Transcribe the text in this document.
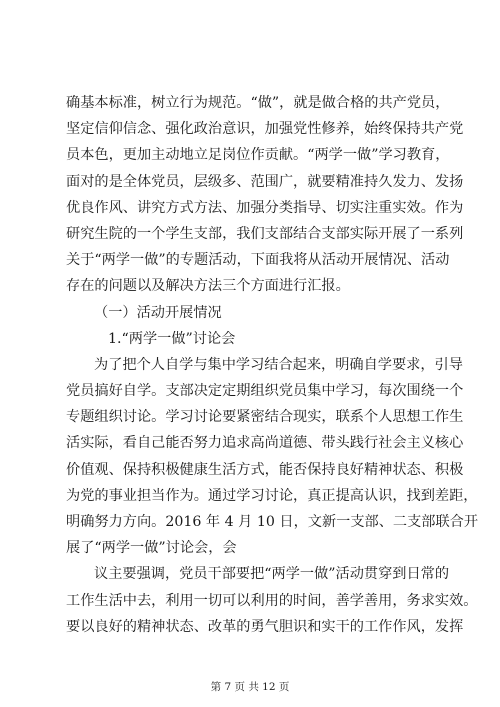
确基本标准，树立行为规范。“做”，就是做合格的共产党员，
坚定信仰信念、强化政治意识，加强党性修养，始终保持共产党
员本色，更加主动地立足岗位作贡献。“两学一做”学习教育，
面对的是全体党员，层级多、范围广，就要精准持久发力、发扬
优良作风、讲究方式方法、加强分类指导、切实注重实效。作为
研究生院的一个学生支部，我们支部结合支部实际开展了一系列
关于“两学一做”的专题活动，下面我将从活动开展情况、活动
存在的问题以及解决方法三个方面进行汇报。
（一）活动开展情况
1.“两学一做”讨论会
为了把个人自学与集中学习结合起来，明确自学要求，引导
党员搞好自学。支部决定定期组织党员集中学习，每次围绕一个
专题组织讨论。学习讨论要紧密结合现实，联系个人思想工作生
活实际，看自己能否努力追求高尚道德、带头践行社会主义核心
价值观、保持积极健康生活方式，能否保持良好精神状态、积极
为党的事业担当作为。通过学习讨论，真正提高认识，找到差距，
明确努力方向。2016 年 4 月 10 日，文新一支部、二支部联合开
展了“两学一做”讨论会，会
议主要强调，党员干部要把“两学一做”活动贯穿到日常的
工作生活中去，利用一切可以利用的时间，善学善用，务求实效。
要以良好的精神状态、改革的勇气胆识和实干的工作作风，发挥
第 7 页 共 12 页
